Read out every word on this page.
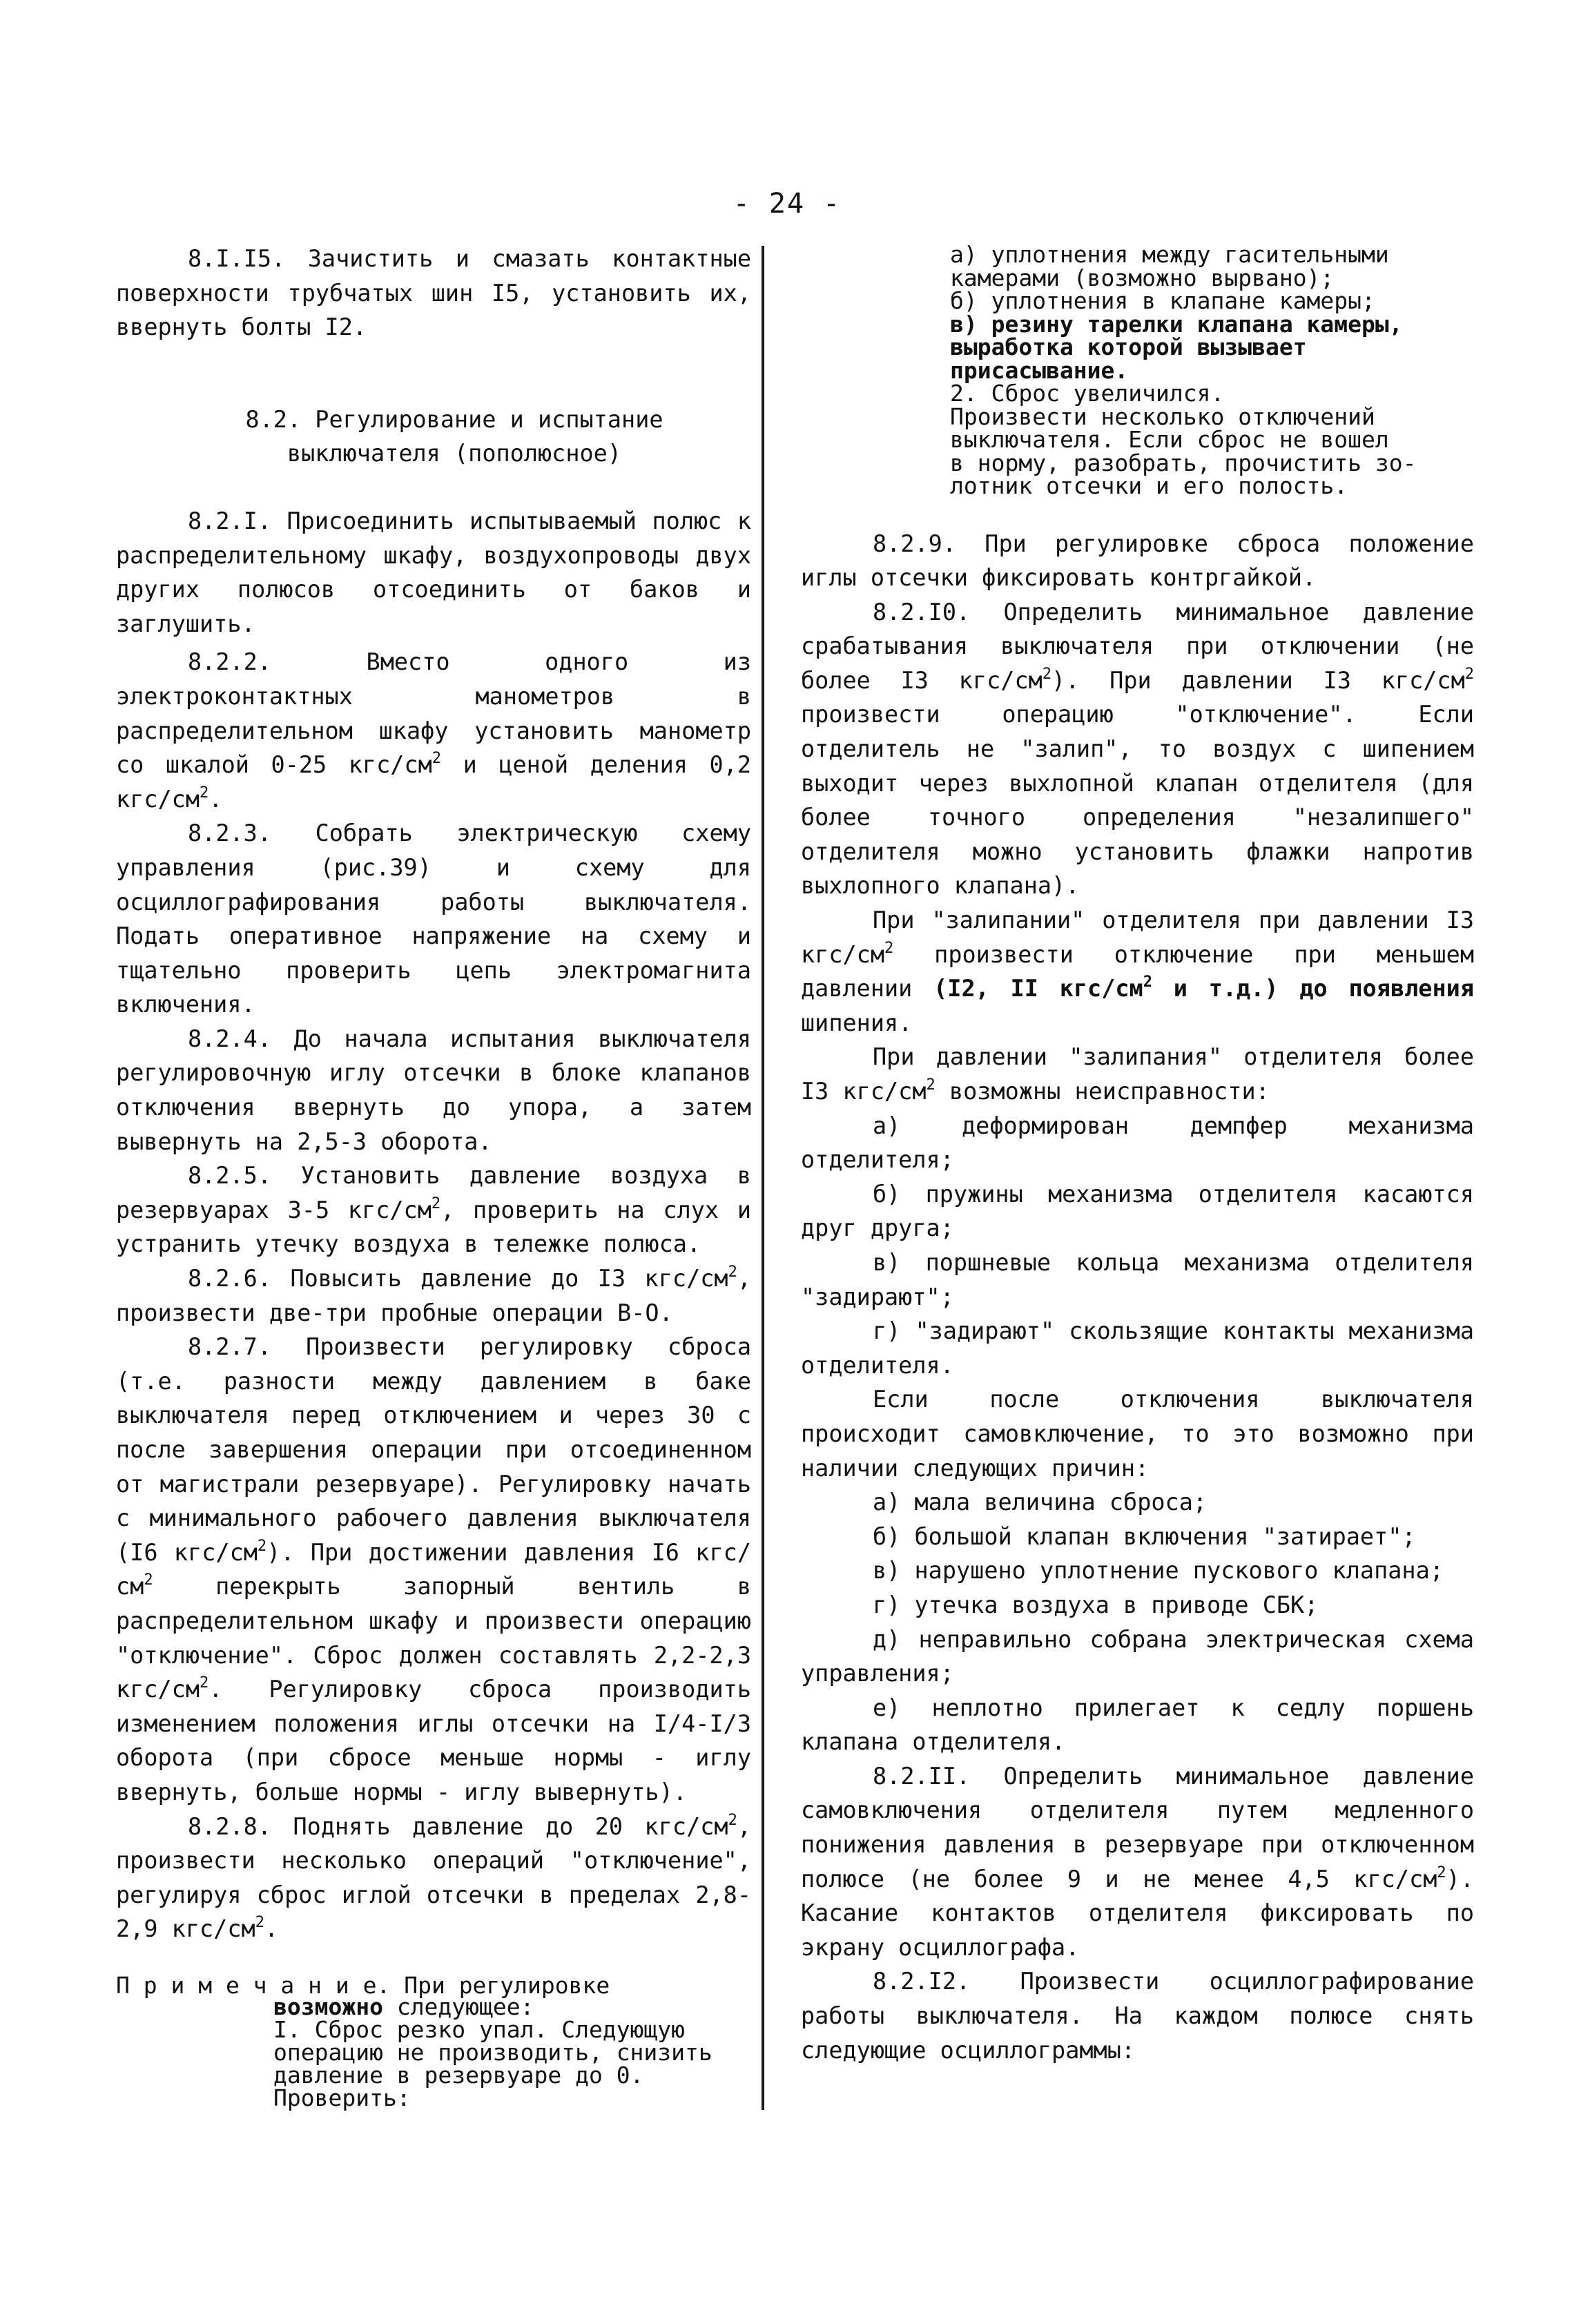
- 24 -

8.I.I5. Зачистить и смазать контактные поверхности трубчатых шин I5, установить их, ввернуть болты I2.

8.2. Регулирование и испытание
выключателя (пополюсное)

8.2.I. Присоединить испытываемый полюс к распределительному шкафу, воздухопроводы двух других полюсов отсоединить от баков и заглушить.

8.2.2. Вместо одного из электроконтактных манометров в распределительном шкафу установить манометр со шкалой 0-25 кгс/$см^2$ и ценой деления 0,2 кгс/$см^2$.

8.2.3. Собрать электрическую схему управления (рис.39) и схему для осциллографирования работы выключателя. Подать оперативное напряжение на схему и тщательно проверить цепь электромагнита включения.

8.2.4. До начала испытания выключателя регулировочную иглу отсечки в блоке клапанов отключения ввернуть до упора, а затем вывернуть на 2,5-3 оборота.

8.2.5. Установить давление воздуха в резервуарах 3-5 кгс/$см^2$, проверить на слух и устранить утечку воздуха в тележке полюса.

8.2.6. Повысить давление до I3 кгс/$см^2$, произвести две-три пробные операции В-О.

8.2.7. Произвести регулировку сброса (т.е. разности между давлением в баке выключателя перед отключением и через 30 с после завершения операции при отсоединенном от магистрали резервуаре). Регулировку начать с минимального рабочего давления выключателя (I6 кгс/$см^2$). При достижении давления I6 кгс/$см^2$ перекрыть запорный вентиль в распределительном шкафу и произвести операцию "отключение". Сброс должен составлять 2,2-2,3 кгс/$см^2$. Регулировку сброса производить изменением положения иглы отсечки на I/4-I/3 оборота (при сбросе меньше нормы - иглу ввернуть, больше нормы - иглу вывернуть).

8.2.8. Поднять давление до 20 кгс/$см^2$, произвести несколько операций "отключение", регулируя сброс иглой отсечки в пределах 2,8-2,9 кгс/$см^2$.

П р и м е ч а н и е. При регулировке

возможно следующее:

I. Сброс резко упал. Следующую

операцию не производить, снизить

давление в резервуаре до 0.

Проверить:

а) уплотнения между гасительными

камерами (возможно вырвано);

б) уплотнения в клапане камеры;

в) резину тарелки клапана камеры,

выработка которой вызывает присасывание.

2. Сброс увеличился.

Произвести несколько отключений

выключателя. Если сброс не вошел

в норму, разобрать, прочистить зо-

лотник отсечки и его полость.

8.2.9. При регулировке сброса положение иглы отсечки фиксировать контргайкой.

8.2.I0. Определить минимальное давление срабатывания выключателя при отключении (не более I3 кгс/$см^2$). При давлении I3 кгс/$см^2$ произвести операцию "отключение". Если отделитель не "залип", то воздух с шипением выходит через выхлопной клапан отделителя (для более точного определения "незалипшего" отделителя можно установить флажки напротив выхлопного клапана).

При "залипании" отделителя при давлении I3 кгс/$см^2$ произвести отключение при меньшем давлении (I2, II кгс/$см^2$ и т.д.) до появления шипения.

При давлении "залипания" отделителя более I3 кгс/$см^2$ возможны неисправности:

а) деформирован демпфер механизма отделителя;

б) пружины механизма отделителя касаются друг друга;

в) поршневые кольца механизма отделителя "задирают";

г) "задирают" скользящие контакты механизма отделителя.

Если после отключения выключателя происходит самовключение, то это возможно при наличии следующих причин:

а) мала величина сброса;

б) большой клапан включения "затирает";

в) нарушено уплотнение пускового клапана;

г) утечка воздуха в приводе СБК;

д) неправильно собрана электрическая схема управления;

е) неплотно прилегает к седлу поршень клапана отделителя.

8.2.II. Определить минимальное давление самовключения отделителя путем медленного понижения давления в резервуаре при отключенном полюсе (не более 9 и не менее 4,5 кгс/$см^2$). Касание контактов отделителя фиксировать по экрану осциллографа.

8.2.I2. Произвести осциллографирование работы выключателя. На каждом полюсе снять следующие осциллограммы:
